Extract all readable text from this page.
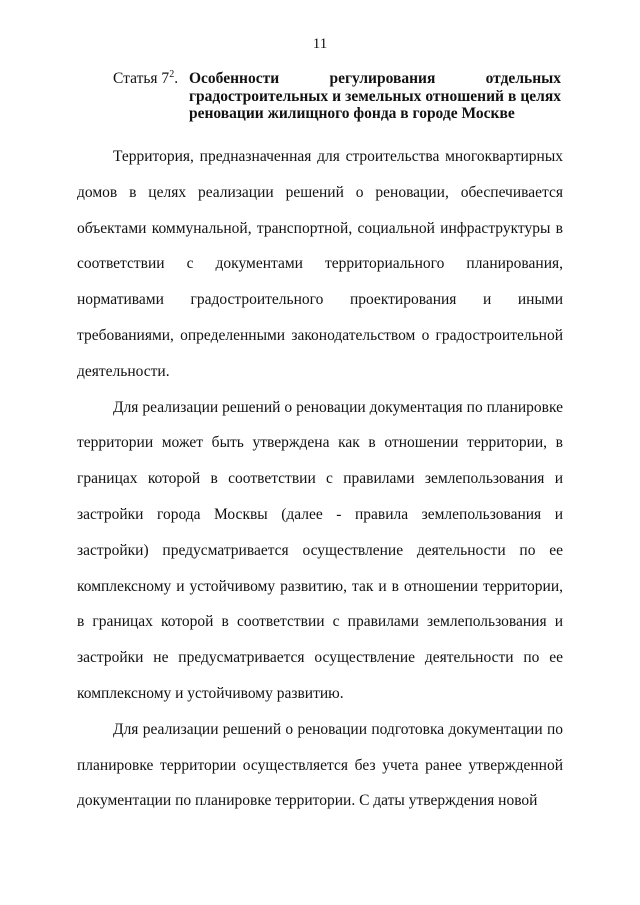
11
Статья $7^2$. Особенности регулирования отдельных градостроительных и земельных отношений в целях реновации жилищного фонда в городе Москве

Территория, предназначенная для строительства многоквартирных домов в целях реализации решений о реновации, обеспечивается объектами коммунальной, транспортной, социальной инфраструктуры в соответствии с документами территориального планирования, нормативами градостроительного проектирования и иными требованиями, определенными законодательством о градостроительной деятельности.

Для реализации решений о реновации документация по планировке территории может быть утверждена как в отношении территории, в границах которой в соответствии с правилами землепользования и застройки города Москвы (далее - правила землепользования и застройки) предусматривается осуществление деятельности по ее комплексному и устойчивому развитию, так и в отношении территории, в границах которой в соответствии с правилами землепользования и застройки не предусматривается осуществление деятельности по ее комплексному и устойчивому развитию.

Для реализации решений о реновации подготовка документации по планировке территории осуществляется без учета ранее утвержденной документации по планировке территории. С даты утверждения новой
